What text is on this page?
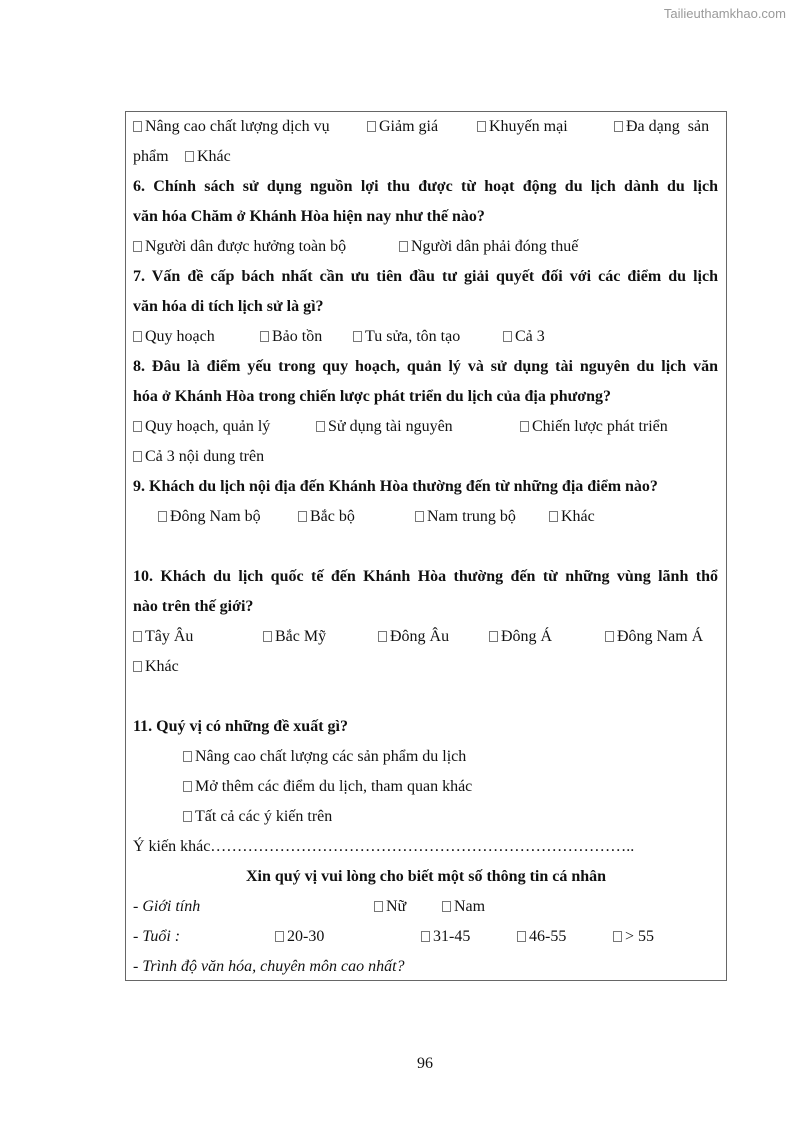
Tailieuthamkhao.com
Nâng cao chất lượng dịch vụ	Giảm giá	Khuyến mại	Đa dạng  sản
phẩm	Khác
6. Chính sách sử dụng nguồn lợi thu được từ hoạt động du lịch dành du lịch
văn hóa Chăm ở Khánh Hòa hiện nay như thế nào?
Người dân được hưởng toàn bộ	Người dân phải đóng thuế
7. Vấn đề cấp bách nhất cần ưu tiên đầu tư giải quyết đối với các điểm du lịch
văn hóa di tích lịch sử là gì?
Quy hoạch	Bảo tồn	Tu sửa, tôn tạo	Cả 3
8. Đâu là điểm yếu trong quy hoạch, quản lý và sử dụng tài nguyên du lịch văn
hóa ở Khánh Hòa trong chiến lược phát triển du lịch của địa phương?
Quy hoạch, quản lý	Sử dụng tài nguyên	Chiến lược phát triển
Cả 3 nội dung trên
9. Khách du lịch nội địa đến Khánh Hòa thường đến từ những địa điểm nào?
Đông Nam bộ	Bắc bộ	Nam trung bộ	Khác
10. Khách du lịch quốc tế đến Khánh Hòa thường đến từ những vùng lãnh thổ
nào trên thế giới?
Tây Âu	Bắc Mỹ	Đông Âu	Đông Á	Đông Nam Á
Khác
11. Quý vị có những đề xuất gì?
Nâng cao chất lượng các sản phẩm du lịch
Mở thêm các điểm du lịch, tham quan khác
Tất cả các ý kiến trên
Ý kiến khác……………………………………………………………………..
Xin quý vị vui lòng cho biết một số thông tin cá nhân
- Giới tính	Nữ	Nam
- Tuổi :	20-30	31-45	46-55	> 55
- Trình độ văn hóa, chuyên môn cao nhất?
96
